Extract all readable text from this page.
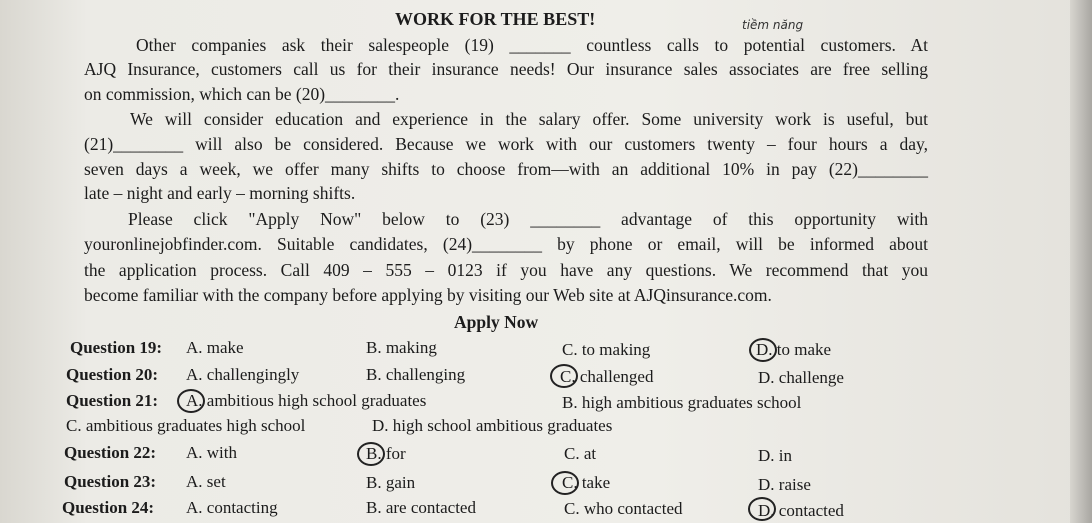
WORK FOR THE BEST!	tiềm năng
Other companies ask their salespeople (19) _______ countless calls to potential customers. At
AJQ Insurance, customers call us for their insurance needs! Our insurance sales associates are free selling
on commission, which can be (20)________.
We will consider education and experience in the salary offer. Some university work is useful, but
(21)________ will also be considered. Because we work with our customers twenty – four hours a day,
seven days a week, we offer many shifts to choose from—with an additional 10% in pay (22)________
late – night and early – morning shifts.
Please click "Apply Now" below to (23) ________ advantage of this opportunity with
youronlinejobfinder.com. Suitable candidates, (24)________ by phone or email, will be informed about
the application process. Call 409 – 555 – 0123 if you have any questions. We recommend that you
become familiar with the company before applying by visiting our Web site at AJQinsurance.com.
Apply Now
Question 19: A. make	B. making	C. to making	D. to make
Question 20: A. challengingly	B. challenging	C. challenged	D. challenge
Question 21: A. ambitious high school graduates	B. high ambitious graduates school
C. ambitious graduates high school	D. high school ambitious graduates
Question 22: A. with	B. for	C. at	D. in
Question 23: A. set	B. gain	C. take	D. raise
Question 24: A. contacting	B. are contacted	C. who contacted	D. contacted
